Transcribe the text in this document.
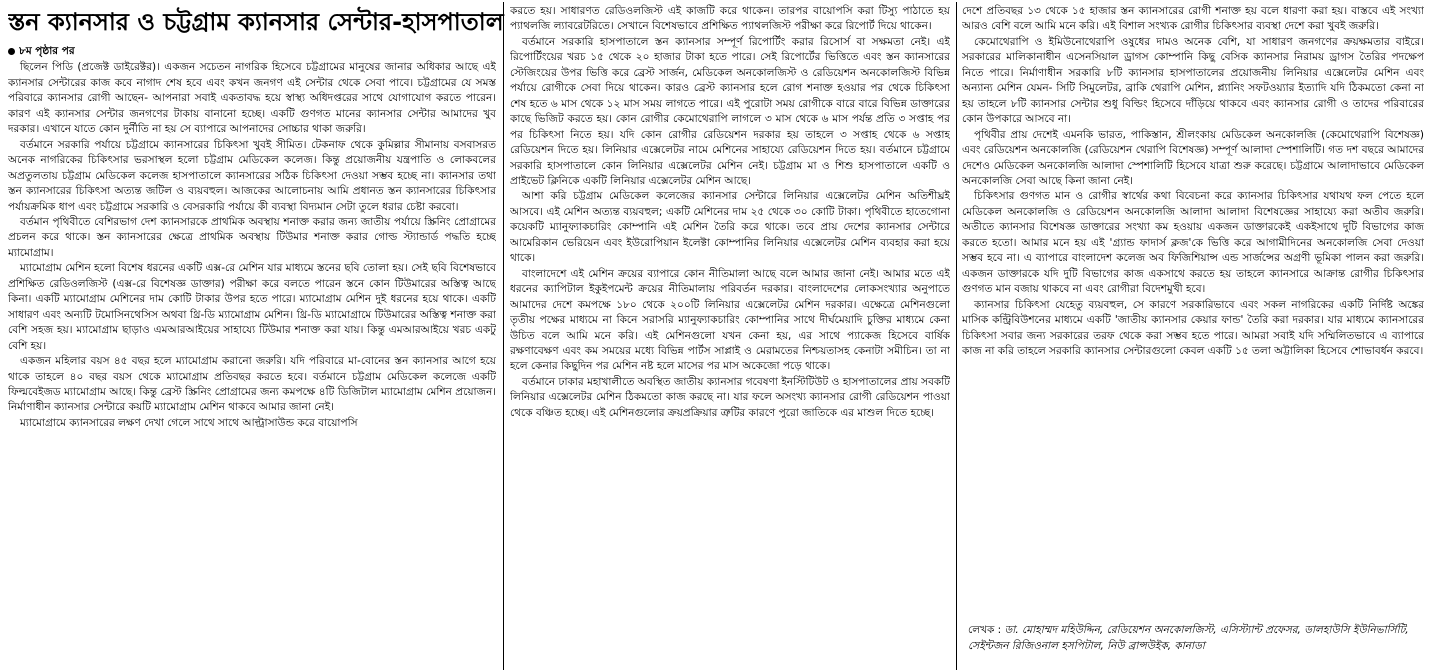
স্তন ক্যানসার ও চট্টগ্রাম ক্যানসার সেন্টার-হাসপাতাল

৮ম পৃষ্ঠার পর

ছিলেন পিডি (প্রজেক্ট ডাইরেক্টর)। একজন সচেতন নাগরিক হিসেবে চট্টগ্রামের মানুষের জানার অধিকার আছে এই ক্যানসার সেন্টারের কাজ কবে নাগাদ শেষ হবে এবং কখন জনগণ এই সেন্টার থেকে সেবা পাবে। চট্টগ্রামের যে সমস্ত পরিবারে ক্যানসার রোগী আছেন- আপনারা সবাই একতাবদ্ধ হয়ে স্বাস্থ্য অধিদপ্তরের সাথে যোগাযোগ করতে পারেন। কারণ এই ক্যানসার সেন্টার জনগণের টাকায় বানানো হচ্ছে। একটি গুণগত মানের ক্যানসার সেন্টার আমাদের খুব দরকার। এখানে যাতে কোন দুর্নীতি না হয় সে ব্যাপারে আপনাদের সোচ্চার থাকা জরুরি।

বর্তমানে সরকারি পর্যায়ে চট্টগ্রামে ক্যানসারের চিকিৎসা খুবই সীমিত। টেকনাফ থেকে কুমিল্লার সীমানায় বসবাসরত অনেক নাগরিকের চিকিৎসার ভরসাস্থল হলো চট্টগ্রাম মেডিকেল কলেজ। কিন্তু প্রয়োজনীয় যন্ত্রপাতি ও লোকবলের অপ্রতুলতায় চট্টগ্রাম মেডিকেল কলেজ হাসপাতালে ক্যানসারের সঠিক চিকিৎসা দেওয়া সম্ভব হচ্ছে না। ক্যানসার তথা স্তন ক্যানসারের চিকিৎসা অত্যন্ত জটিল ও ব্যয়বহুল। আজকের আলোচনায় আমি প্রধানত স্তন ক্যানসারের চিকিৎসার পর্যায়ক্রমিক ধাপ এবং চট্টগ্রামে সরকারি ও বেসরকারি পর্যায়ে কী ব্যবস্থা বিদ্যমান সেটা তুলে ধরার চেষ্টা করবো।

বর্তমান পৃথিবীতে বেশিরভাগ দেশ ক্যানসারকে প্রাথমিক অবস্থায় শনাক্ত করার জন্য জাতীয় পর্যায়ে স্ক্রিনিং প্রোগ্রামের প্রচলন করে থাকে। স্তন ক্যানসারের ক্ষেত্রে প্রাথমিক অবস্থায় টিউমার শনাক্ত করার গোল্ড স্ট্যান্ডার্ড পদ্ধতি হচ্ছে ম্যামোগ্রাম।

ম্যামোগ্রাম মেশিন হলো বিশেষ ধরনের একটি এক্স-রে মেশিন যার মাধ্যমে স্তনের ছবি তোলা হয়। সেই ছবি বিশেষভাবে প্রশিক্ষিত রেডিওলজিস্ট (এক্স-রে বিশেষজ্ঞ ডাক্তার) পরীক্ষা করে বলতে পারেন স্তনে কোন টিউমারের অস্তিত্ব আছে কিনা। একটি ম্যামোগ্রাম মেশিনের দাম কোটি টাকার উপর হতে পারে। ম্যামোগ্রাম মেশিন দুই ধরনের হয়ে থাকে। একটি সাধারণ এবং অন্যটি টমোসিনথেসিস অথবা থ্রি-ডি ম্যামোগ্রাম মেশিন। থ্রি-ডি ম্যামোগ্রামে টিউমারের অস্তিত্ব শনাক্ত করা বেশি সহজ হয়। ম্যামোগ্রাম ছাড়াও এমআরআইয়ের সাহায্যে টিউমার শনাক্ত করা যায়। কিন্তু এমআরআইয়ে খরচ একটু বেশি হয়।

একজন মহিলার বয়স ৪৫ বছর হলে ম্যামোগ্রাম করানো জরুরি। যদি পরিবারে মা-বোনের স্তন ক্যানসার আগে হয়ে থাকে তাহলে ৪০ বছর বয়স থেকে ম্যামোগ্রাম প্রতিবছর করতে হবে। বর্তমানে চট্টগ্রাম মেডিকেল কলেজে একটি ফিল্মবেইজড ম্যামোগ্রাম আছে। কিন্তু ব্রেস্ট স্ক্রিনিং প্রোগ্রামের জন্য কমপক্ষে ৪টি ডিজিটাল ম্যামোগ্রাম মেশিন প্রয়োজন। নির্মাণাধীন ক্যানসার সেন্টারে কয়টি ম্যামোগ্রাম মেশিন থাকবে আমার জানা নেই।

ম্যামোগ্রামে ক্যানসারের লক্ষণ দেখা গেলে সাথে সাথে আল্ট্রাসাউন্ড করে বায়োপসি

করতে হয়। সাধারণত রেডিওলজিস্ট এই কাজটি করে থাকেন। তারপর বায়োপসি করা টিস্যু পাঠাতে হয় প্যাথলজি ল্যাবরেটরিতে। সেখানে বিশেষভাবে প্রশিক্ষিত প্যাথলজিস্ট পরীক্ষা করে রিপোর্ট দিয়ে থাকেন।

বর্তমানে সরকারি হাসপাতালে স্তন ক্যানসার সম্পূর্ণ রিপোর্টিং করার রিসোর্স বা সক্ষমতা নেই। এই রিপোর্টিংয়ের খরচ ১৫ থেকে ২০ হাজার টাকা হতে পারে। সেই রিপোর্টের ভিত্তিতে এবং স্তন ক্যানসারের স্টেজিংয়ের উপর ভিত্তি করে ব্রেস্ট সার্জন, মেডিকেল অনকোলজিস্ট ও রেডিয়েশন অনকোলজিস্ট বিভিন্ন পর্যায়ে রোগীকে সেবা দিয়ে থাকেন। কারও ব্রেস্ট ক্যানসার হলে রোগ শনাক্ত হওয়ার পর থেকে চিকিৎসা শেষ হতে ৬ মাস থেকে ১২ মাস সময় লাগতে পারে। এই পুরোটা সময় রোগীকে বারে বারে বিভিন্ন ডাক্তারের কাছে ভিজিট করতে হয়। কোন রোগীর কেমোথেরাপি লাগলে ৩ মাস থেকে ৬ মাস পর্যন্ত প্রতি ৩ সপ্তাহ পর পর চিকিৎসা নিতে হয়। যদি কোন রোগীর রেডিয়েশন দরকার হয় তাহলে ৩ সপ্তাহ থেকে ৬ সপ্তাহ রেডিয়েশন দিতে হয়। লিনিয়ার এক্সেলেটর নামে মেশিনের সাহায্যে রেডিয়েশন দিতে হয়। বর্তমানে চট্টগ্রামে সরকারি হাসপাতালে কোন লিনিয়ার এক্সেলেটর মেশিন নেই। চট্টগ্রাম মা ও শিশু হাসপাতালে একটি ও প্রাইভেট ক্লিনিকে একটি লিনিয়ার এক্সেলেটর মেশিন আছে।

আশা করি চট্টগ্রাম মেডিকেল কলেজের ক্যানসার সেন্টারে লিনিয়ার এক্সেলেটর মেশিন অতিশীঘ্রই আসবে। এই মেশিন অত্যন্ত ব্যয়বহুল; একটি মেশিনের দাম ২৫ থেকে ৩০ কোটি টাকা। পৃথিবীতে হাতেগোনা কয়েকটি ম্যানুফ্যাকচারিং কোম্পানি এই মেশিন তৈরি করে থাকে। তবে প্রায় দেশের ক্যানসার সেন্টারে আমেরিকান ভেরিয়েন এবং ইউরোপিয়ান ইলেক্টা কোম্পানির লিনিয়ার এক্সেলেটর মেশিন ব্যবহার করা হয়ে থাকে।

বাংলাদেশে এই মেশিন ক্রয়ের ব্যাপারে কোন নীতিমালা আছে বলে আমার জানা নেই। আমার মতে এই ধরনের ক্যাপিটাল ইকুইপমেন্ট ক্রয়ের নীতিমালায় পরিবর্তন দরকার। বাংলাদেশের লোকসংখ্যার অনুপাতে আমাদের দেশে কমপক্ষে ১৮০ থেকে ২০০টি লিনিয়ার এক্সেলেটর মেশিন দরকার। এক্ষেত্রে মেশিনগুলো তৃতীয় পক্ষের মাধ্যমে না কিনে সরাসরি ম্যানুফ্যাকচারিং কোম্পানির সাথে দীর্ঘমেয়াদি চুক্তির মাধ্যমে কেনা উচিত বলে আমি মনে করি। এই মেশিনগুলো যখন কেনা হয়, এর সাথে প্যাকেজ হিসেবে বার্ষিক রক্ষণাবেক্ষণ এবং কম সময়ের মধ্যে বিভিন্ন পার্টস সাপ্লাই ও মেরামতের নিশ্চয়তাসহ কেনাটা সমীচিন। তা না হলে কেনার কিছুদিন পর মেশিন নষ্ট হলে মাসের পর মাস অকেজো পড়ে থাকে।

বর্তমানে ঢাকার মহাখালীতে অবস্থিত জাতীয় ক্যানসার গবেষণা ইনস্টিটিউট ও হাসপাতালের প্রায় সবকটি লিনিয়ার এক্সেলেটর মেশিন ঠিকমতো কাজ করছে না। যার ফলে অসংখ্য ক্যানসার রোগী রেডিয়েশন পাওয়া থেকে বঞ্চিত হচ্ছে। এই মেশিনগুলোর ক্রয়প্রক্রিয়ার ত্রুটির কারণে পুরো জাতিকে এর মাশুল দিতে হচ্ছে।

দেশে প্রতিবছর ১৩ থেকে ১৫ হাজার স্তন ক্যানসারের রোগী শনাক্ত হয় বলে ধারণা করা হয়। বাস্তবে এই সংখ্যা আরও বেশি বলে আমি মনে করি। এই বিশাল সংখ্যক রোগীর চিকিৎসার ব্যবস্থা দেশে করা খুবই জরুরি।

কেমোথেরাপি ও ইমিউনোথেরাপি ওষুধের দামও অনেক বেশি, যা সাধারণ জনগণের ক্রয়ক্ষমতার বাইরে। সরকারের মালিকানাধীন এসেনসিয়াল ড্রাগস কোম্পানি কিছু বেসিক ক্যানসার নিরাময় ড্রাগস তৈরির পদক্ষেপ নিতে পারে। নির্মাণাধীন সরকারি ৮টি ক্যানসার হাসপাতালের প্রয়োজনীয় লিনিয়ার এক্সেলেটর মেশিন এবং অন্যান্য মেশিন যেমন- সিটি সিমুলেটর, ব্রাকি থেরাপি মেশিন, প্ল্যানিং সফটওয়্যার ইত্যাদি যদি ঠিকমতো কেনা না হয় তাহলে ৮টি ক্যানসার সেন্টার শুধু বিল্ডিং হিসেবে দাঁড়িয়ে থাকবে এবং ক্যানসার রোগী ও তাদের পরিবারের কোন উপকারে আসবে না।

পৃথিবীর প্রায় দেশেই এমনকি ভারত, পাকিস্তান, শ্রীলংকায় মেডিকেল অনকোলজি (কেমোথেরাপি বিশেষজ্ঞ) এবং রেডিয়েশন অনকোলজি (রেডিয়েশন থেরাপি বিশেষজ্ঞ) সম্পূর্ণ আলাদা স্পেশালিটি। গত দশ বছরে আমাদের দেশেও মেডিকেল অনকোলজি আলাদা স্পেশালিটি হিসেবে যাত্রা শুরু করেছে। চট্টগ্রামে আলাদাভাবে মেডিকেল অনকোলজি সেবা আছে কিনা জানা নেই।

চিকিৎসার গুণগত মান ও রোগীর স্বার্থের কথা বিবেচনা করে ক্যানসার চিকিৎসার যথাযথ ফল পেতে হলে মেডিকেল অনকোলজি ও রেডিয়েশন অনকোলজি আলাদা আলাদা বিশেষজ্ঞের সাহায্যে করা অতীব জরুরি। অতীতে ক্যানসার বিশেষজ্ঞ ডাক্তারের সংখ্যা কম হওয়ায় একজন ডাক্তারকেই একইসাথে দুটি বিভাগের কাজ করতে হতো। আমার মনে হয় এই 'গ্র্যান্ড ফাদার্স ক্লজ'কে ভিত্তি করে আগামীদিনের অনকোলজি সেবা দেওয়া সম্ভব হবে না। এ ব্যাপারে বাংলাদেশ কলেজ অব ফিজিশিয়ান্স এন্ড সার্জন্সের অগ্রণী ভূমিকা পালন করা জরুরি। একজন ডাক্তারকে যদি দুটি বিভাগের কাজ একসাথে করতে হয় তাহলে ক্যানসারে আক্রান্ত রোগীর চিকিৎসার গুণগত মান বজায় থাকবে না এবং রোগীরা বিদেশমুখী হবে।

ক্যানসার চিকিৎসা যেহেতু ব্যয়বহুল, সে কারণে সরকারিভাবে এবং সকল নাগরিকের একটি নির্দিষ্ট অঙ্কের মাসিক কন্ট্রিবিউশনের মাধ্যমে একটি 'জাতীয় ক্যানসার কেয়ার ফান্ড' তৈরি করা দরকার। যার মাধ্যমে ক্যানসারের চিকিৎসা সবার জন্য সরকারের তরফ থেকে করা সম্ভব হতে পারে। আমরা সবাই যদি সম্মিলিতভাবে এ ব্যাপারে কাজ না করি তাহলে সরকারি ক্যানসার সেন্টারগুলো কেবল একটি ১৫ তলা অট্টালিকা হিসেবে শোভাবর্ধন করবে।

লেখক : ডা. মোহাম্মদ মহিউদ্দিন, রেডিয়েশন অনকোলজিস্ট, এসিস্ট্যান্ট প্রফেসর, ডালহাউসি ইউনিভার্সিটি, সেইন্টজন রিজিওনাল হসপিটাল, নিউ ব্রান্সউইক, কানাডা
